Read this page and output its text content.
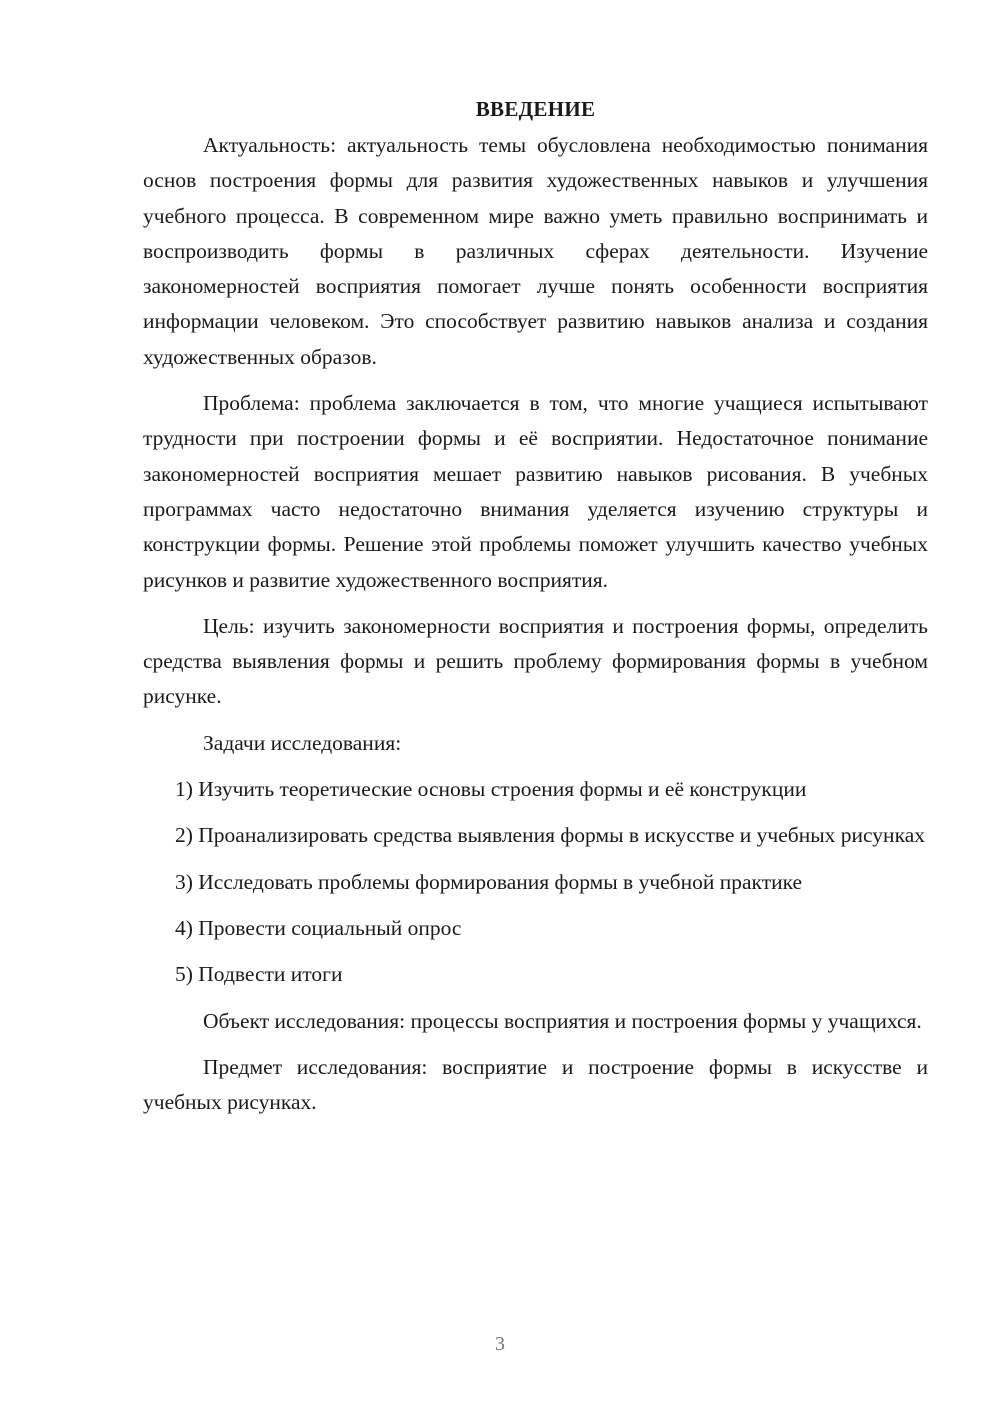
ВВЕДЕНИЕ

Актуальность: актуальность темы обусловлена необходимостью понимания основ построения формы для развития художественных навыков и улучшения учебного процесса. В современном мире важно уметь правильно воспринимать и воспроизводить формы в различных сферах деятельности. Изучение закономерностей восприятия помогает лучше понять особенности восприятия информации человеком. Это способствует развитию навыков анализа и создания художественных образов.

Проблема: проблема заключается в том, что многие учащиеся испытывают трудности при построении формы и её восприятии. Недостаточное понимание закономерностей восприятия мешает развитию навыков рисования. В учебных программах часто недостаточно внимания уделяется изучению структуры и конструкции формы. Решение этой проблемы поможет улучшить качество учебных рисунков и развитие художественного восприятия.

Цель: изучить закономерности восприятия и построения формы, определить средства выявления формы и решить проблему формирования формы в учебном рисунке.

Задачи исследования:

1) Изучить теоретические основы строения формы и её конструкции

2) Проанализировать средства выявления формы в искусстве и учебных рисунках

3) Исследовать проблемы формирования формы в учебной практике

4) Провести социальный опрос

5) Подвести итоги

Объект исследования: процессы восприятия и построения формы у учащихся.

Предмет исследования: восприятие и построение формы в искусстве и учебных рисунках.

3
